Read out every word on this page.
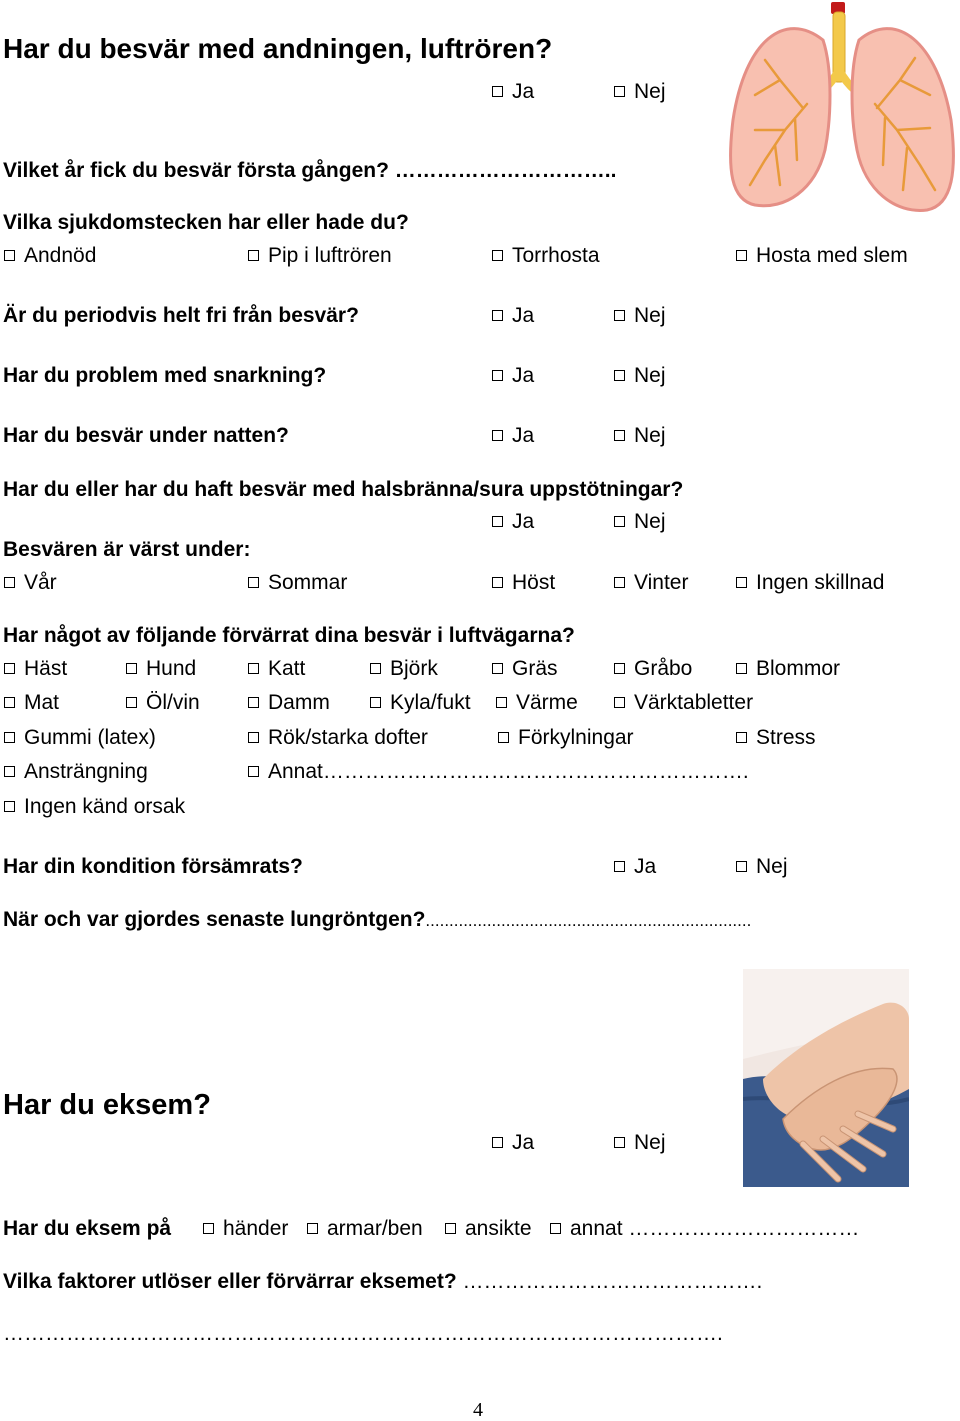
Har du besvär med andningen, luftrören?
Ja	Nej
Vilket år fick du besvär första gången? …………………………..
Vilka sjukdomstecken har eller hade du?
Andnöd	Pip i luftrören	Torrhosta	Hosta med slem
Är du periodvis helt fri från besvär?	Ja	Nej
Har du problem med snarkning?	Ja	Nej
Har du besvär under natten?	Ja	Nej
Har du eller har du haft besvär med halsbränna/sura uppstötningar?
Ja	Nej
Besvären är värst under:
Vår	Sommar	Höst	Vinter	Ingen skillnad
Har något av följande förvärrat dina besvär i luftvägarna?
Häst	Hund	Katt	Björk	Gräs	Gråbo	Blommor
Mat	Öl/vin	Damm	Kyla/fukt	Värme	Värktabletter
Gummi (latex)	Rök/starka dofter	Förkylningar	Stress
Ansträngning	Annat…………………………………………………….
Ingen känd orsak
Har din kondition försämrats?	Ja	Nej
När och var gjordes senaste lungröntgen?.....................................................................
Har du eksem?
Ja	Nej
Har du eksem på	händer	armar/ben	ansikte	annat ……………………………
Vilka faktorer utlöser eller förvärrar eksemet? …………………………………….
………………………………………………………………………………………….
4
